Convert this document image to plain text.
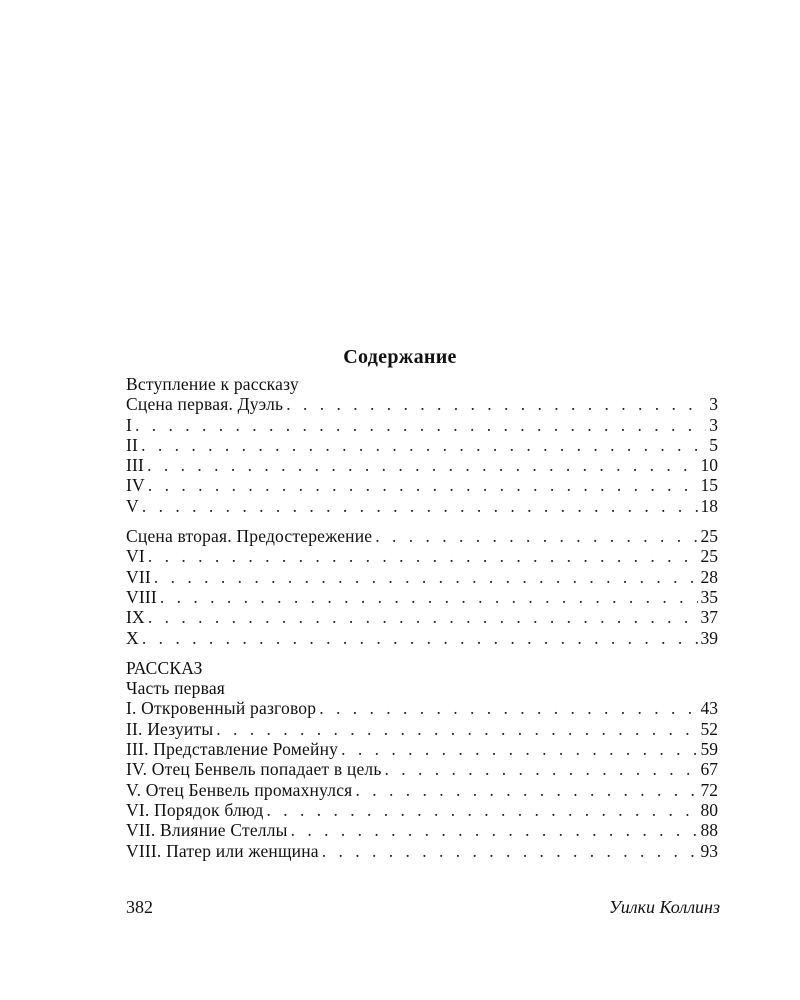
Содержание
Вступление к рассказу
Сцена первая. Дуэль . . .	3
I . . .	3
II . . .	5
III . . .	10
IV . . .	15
V . . .	18
Сцена вторая. Предостережение . . .	25
VI . . .	25
VII . . .	28
VIII . . .	35
IX . . .	37
X . . .	39
РАССКАЗ
Часть первая
I. Откровенный разговор . . .	43
II. Иезуиты . . .	52
III. Представление Ромейну . . .	59
IV. Отец Бенвель попадает в цель . . .	67
V. Отец Бенвель промахнулся . . .	72
VI. Порядок блюд . . .	80
VII. Влияние Стеллы . . .	88
VIII. Патер или женщина . . .	93
382	Уилки Коллинз
